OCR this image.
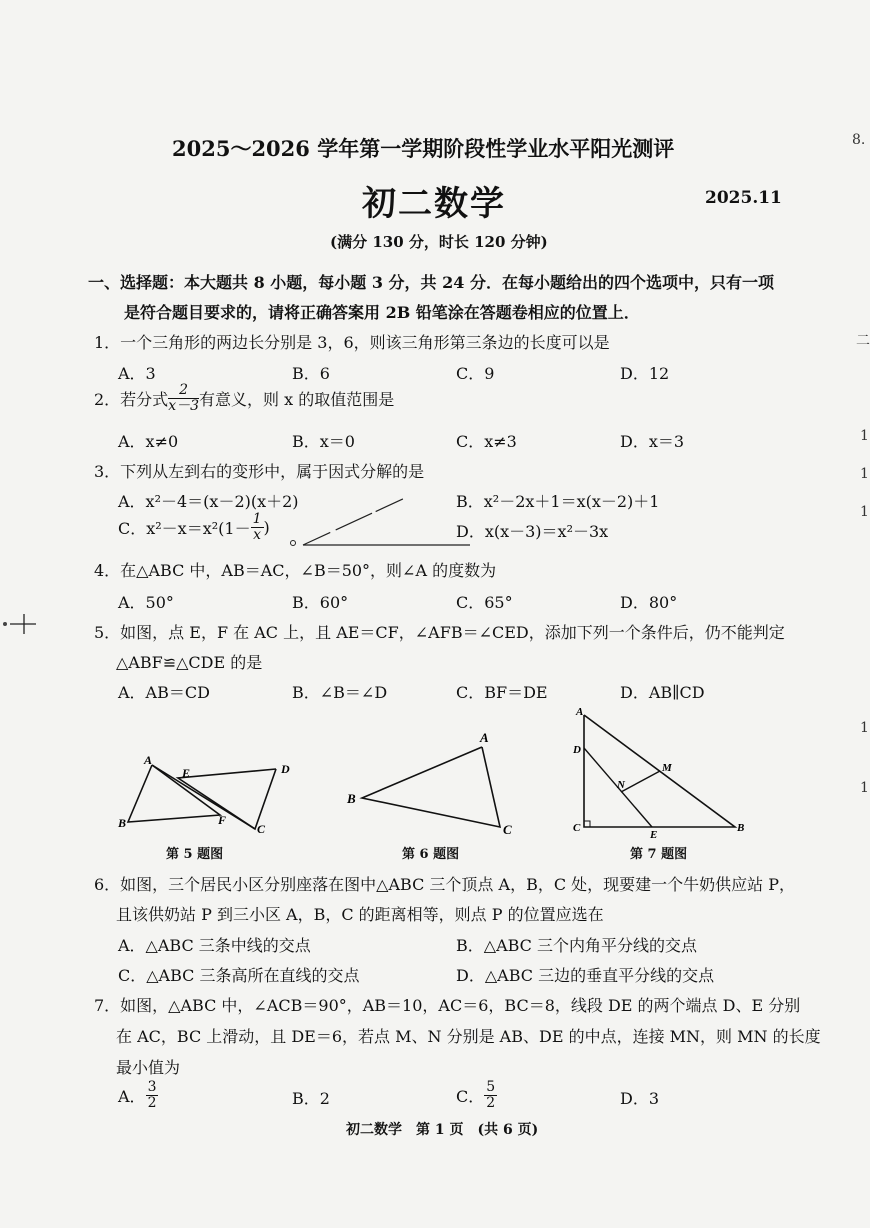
2025～2026 学年第一学期阶段性学业水平阳光测评
初二数学	2025.11
(满分 130 分，时长 120 分钟)
一、选择题：本大题共 8 小题，每小题 3 分，共 24 分．在每小题给出的四个选项中，只有一项
是符合题目要求的，请将正确答案用 2B 铅笔涂在答题卷相应的位置上．
1．一个三角形的两边长分别是 3，6，则该三角形第三条边的长度可以是
A．3	B．6	C．9	D．12
2．若分式 $\frac{2}{x-3}$ 有意义，则 x 的取值范围是
A．x≠0	B．x＝0	C．x≠3	D．x＝3
3．下列从左到右的变形中，属于因式分解的是
A．x²－4＝(x－2)(x＋2)	B．x²－2x＋1＝x(x－2)＋1
C．$x^2-x=x^2(1- \frac{1}{x}$ )	D．x(x－3)＝x²－3x
4．在△ABC 中，AB＝AC，∠B＝50°，则∠A 的度数为
A．50°	B．60°	C．65°	D．80°
5．如图，点 E，F 在 AC 上，且 AE＝CF，∠AFB＝∠CED，添加下列一个条件后，仍不能判定
△ABF≌△CDE 的是
A．AB＝CD	B．∠B＝∠D	C．BF＝DE	D．AB∥CD
A
E	D
B	F
C
第 5 题图
A
B
C
第 6 题图
A
D
M
N
C
E
B
第 7 题图
6．如图，三个居民小区分别座落在图中△ABC 三个顶点 A，B，C 处，现要建一个牛奶供应站 P，
且该供奶站 P 到三小区 A，B，C 的距离相等，则点 P 的位置应选在
A．△ABC 三条中线的交点	B．△ABC 三个内角平分线的交点
C．△ABC 三条高所在直线的交点	D．△ABC 三边的垂直平分线的交点
7．如图，△ABC 中，∠ACB＝90°，AB＝10，AC＝6，BC＝8，线段 DE 的两个端点 D、E 分别
在 AC，BC 上滑动，且 DE＝6，若点 M、N 分别是 AB、DE 的中点，连接 MN，则 MN 的长度
最小值为
A． $\frac{3}{2}$	B．2	C． $\frac{5}{2}$	D．3
初二数学　第 1 页　(共 6 页)
8.
二
1
1
1
1
1
